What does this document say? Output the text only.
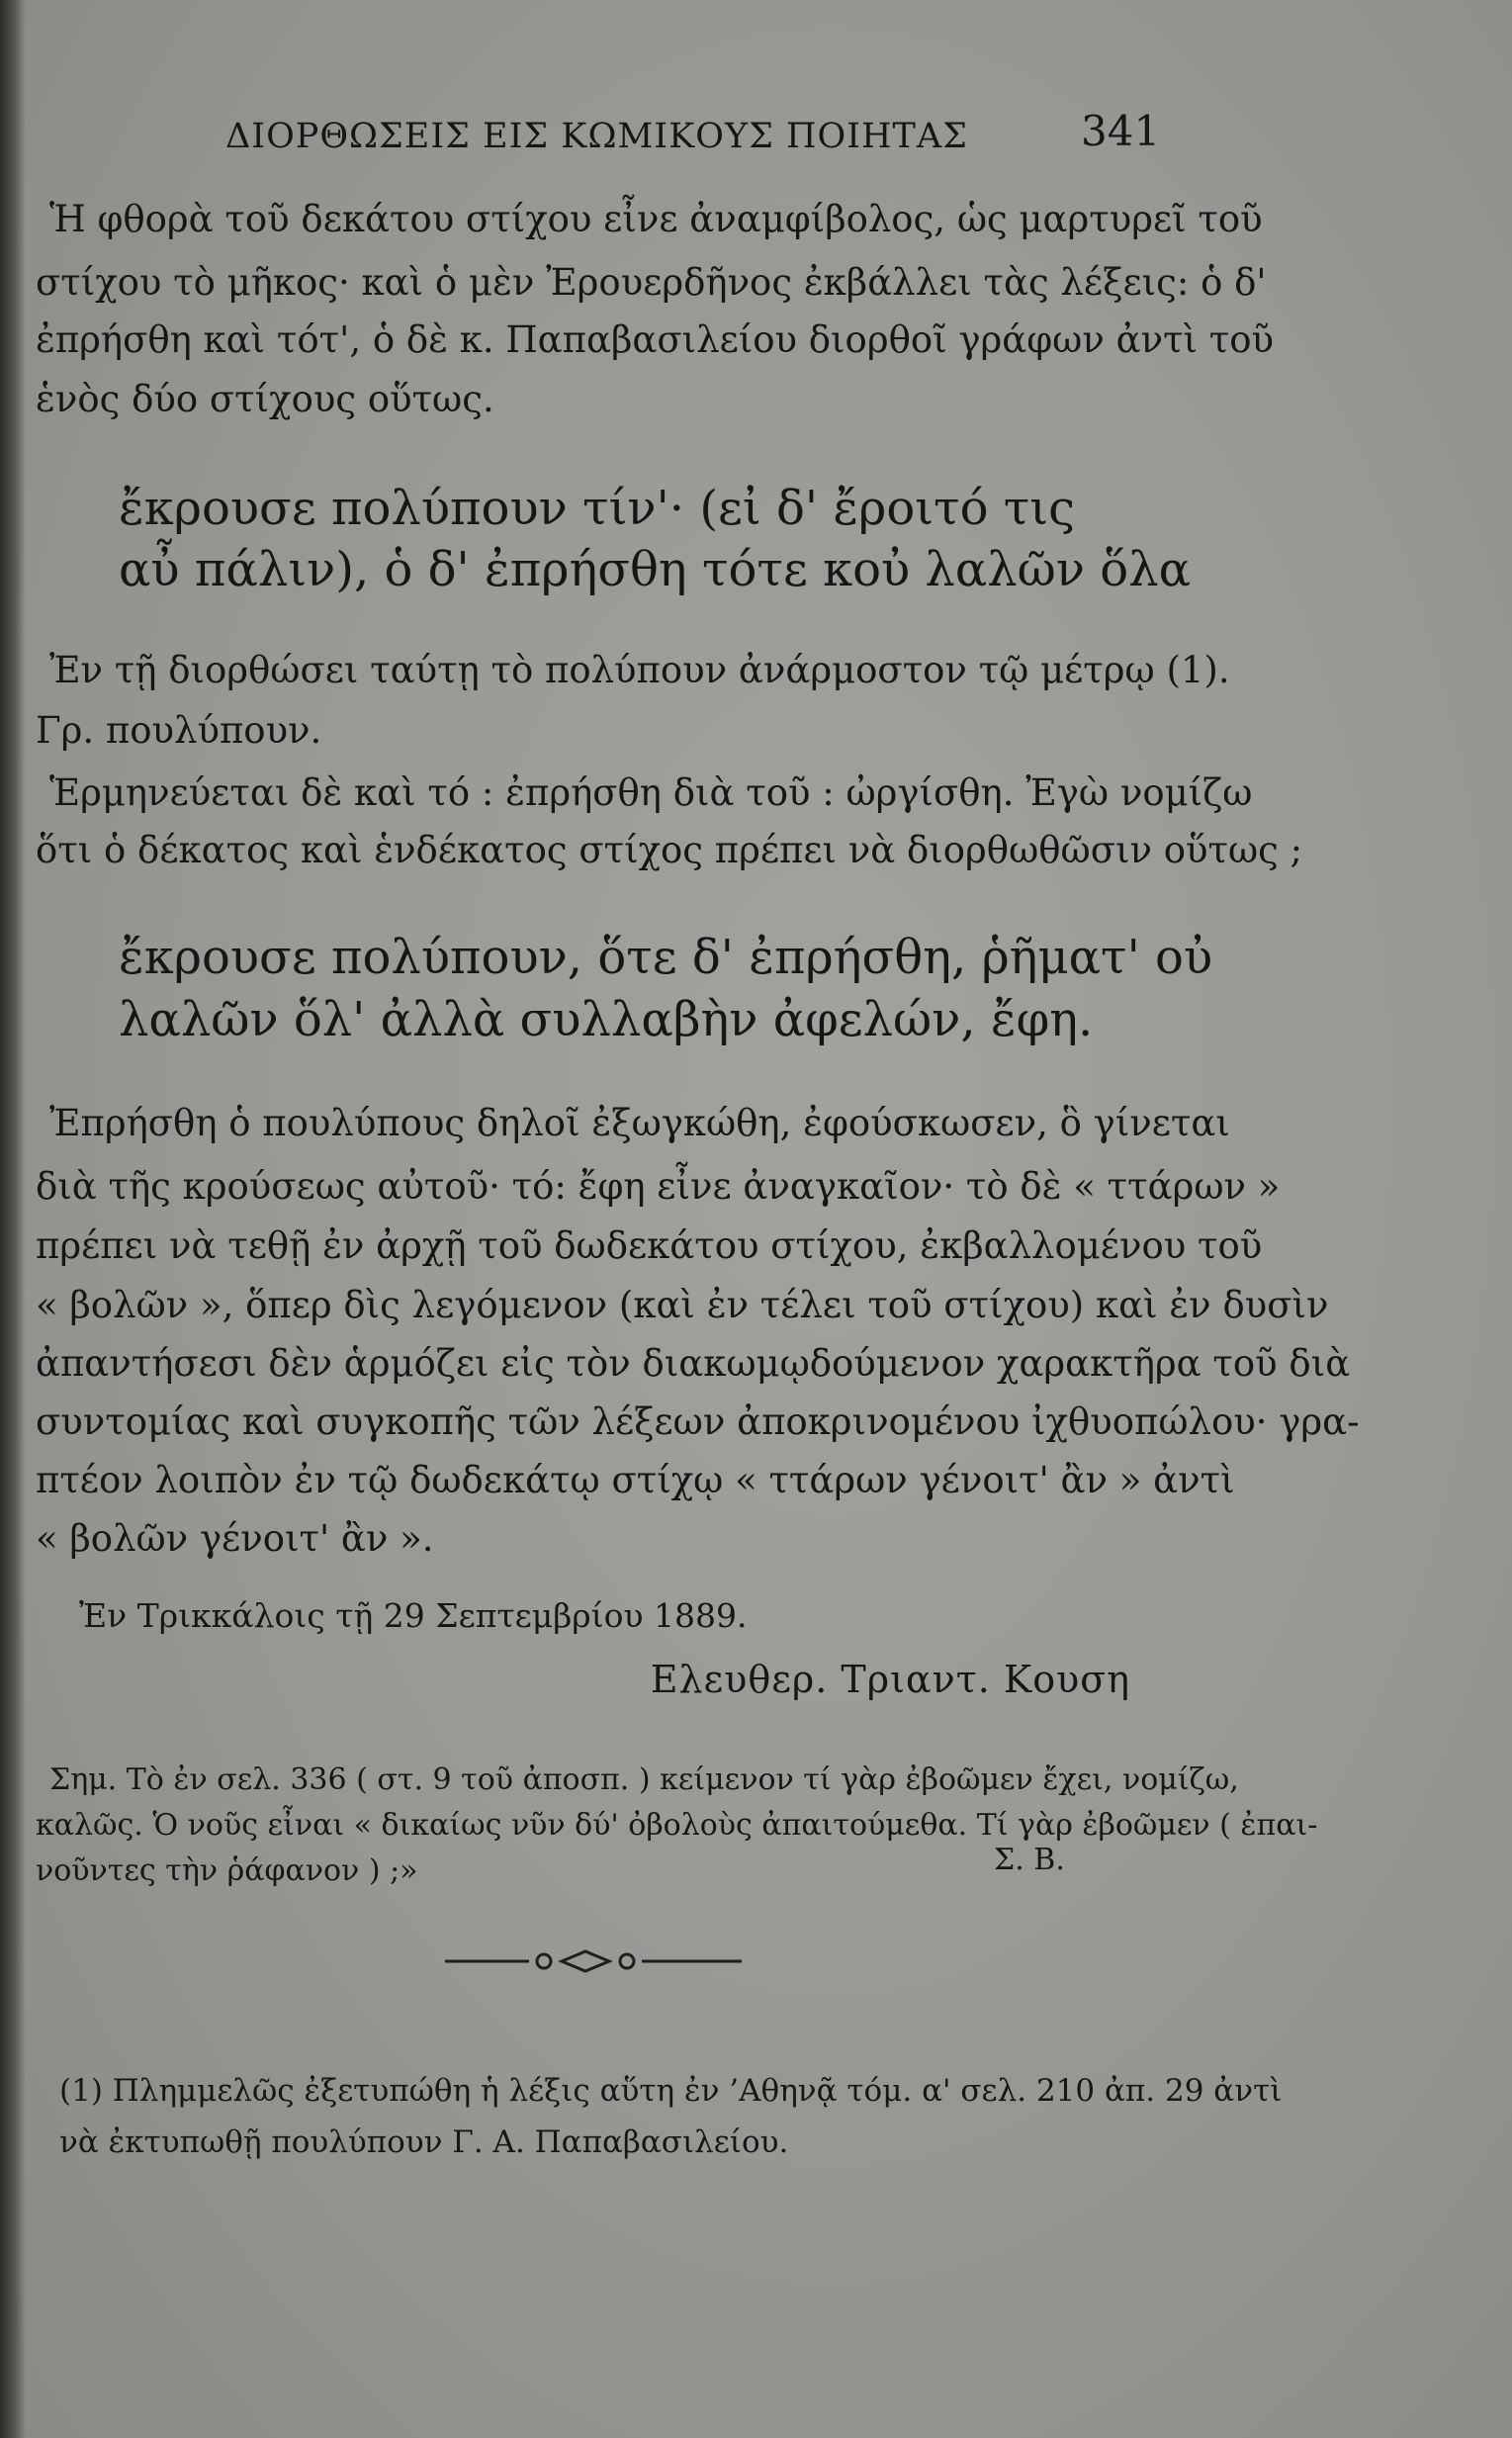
ΔΙΟΡΘΩΣΕΙΣ ΕΙΣ ΚΩΜΙΚΟΥΣ ΠΟΙΗΤΑΣ	341
Ἡ φθορὰ τοῦ δεκάτου στίχου εἶνε ἀναμφίβολος, ὡς μαρτυρεῖ τοῦ
στίχου τὸ μῆκος· καὶ ὁ μὲν Ἐρουερδῆνος ἐκβάλλει τὰς λέξεις: ὁ δ'
ἐπρήσθη καὶ τότ', ὁ δὲ κ. Παπαβασιλείου διορθοῖ γράφων ἀντὶ τοῦ
ἑνὸς δύο στίχους οὕτως.
ἔκρουσε πολύπουν τίν'· (εἰ δ' ἔροιτό τις
αὖ πάλιν), ὁ δ' ἐπρήσθη τότε κοὐ λαλῶν ὅλα
Ἐν τῇ διορθώσει ταύτῃ τὸ πολύπουν ἀνάρμοστον τῷ μέτρῳ (1).
Γρ. πουλύπουν.
Ἑρμηνεύεται δὲ καὶ τό : ἐπρήσθη διὰ τοῦ : ὠργίσθη. Ἐγὼ νομίζω
ὅτι ὁ δέκατος καὶ ἑνδέκατος στίχος πρέπει νὰ διορθωθῶσιν οὕτως ;
ἔκρουσε πολύπουν, ὅτε δ' ἐπρήσθη, ῥῆματ' οὐ
λαλῶν ὅλ' ἀλλὰ συλλαβὴν ἀφελών, ἔφη.
Ἐπρήσθη ὁ πουλύπους δηλοῖ ἐξωγκώθη, ἐφούσκωσεν, ὃ γίνεται
διὰ τῆς κρούσεως αὐτοῦ· τό: ἔφη εἶνε ἀναγκαῖον· τὸ δὲ « ττάρων »
πρέπει νὰ τεθῇ ἐν ἀρχῇ τοῦ δωδεκάτου στίχου, ἐκβαλλομένου τοῦ
« βολῶν », ὅπερ δὶς λεγόμενον (καὶ ἐν τέλει τοῦ στίχου) καὶ ἐν δυσὶν
ἀπαντήσεσι δὲν ἁρμόζει εἰς τὸν διακωμῳδούμενον χαρακτῆρα τοῦ διὰ
συντομίας καὶ συγκοπῆς τῶν λέξεων ἀποκρινομένου ἰχθυοπώλου· γρα-
πτέον λοιπὸν ἐν τῷ δωδεκάτῳ στίχῳ « ττάρων γένοιτ' ἂν » ἀντὶ
« βολῶν γένοιτ' ἂν ».
Ἐν Τρικκάλοις τῇ 29 Σεπτεμβρίου 1889.
Ελευθερ. Τριαντ. Κουση
Σημ. Τὸ ἐν σελ. 336 ( στ. 9 τοῦ ἀποσπ. ) κείμενον τί γὰρ ἐβοῶμεν ἔχει, νομίζω,
καλῶς. Ὁ νοῦς εἶναι « δικαίως νῦν δύ' ὀβολοὺς ἀπαιτούμεθα. Τί γὰρ ἐβοῶμεν ( ἐπαι-
νοῦντες τὴν ῥάφανον ) ;»	Σ. Β.
(1) Πλημμελῶς ἐξετυπώθη ἡ λέξις αὕτη ἐν ’Αθηνᾷ τόμ. α' σελ. 210 ἀπ. 29 ἀντὶ
νὰ ἐκτυπωθῇ πουλύπουν Γ. Α. Παπαβασιλείου.
